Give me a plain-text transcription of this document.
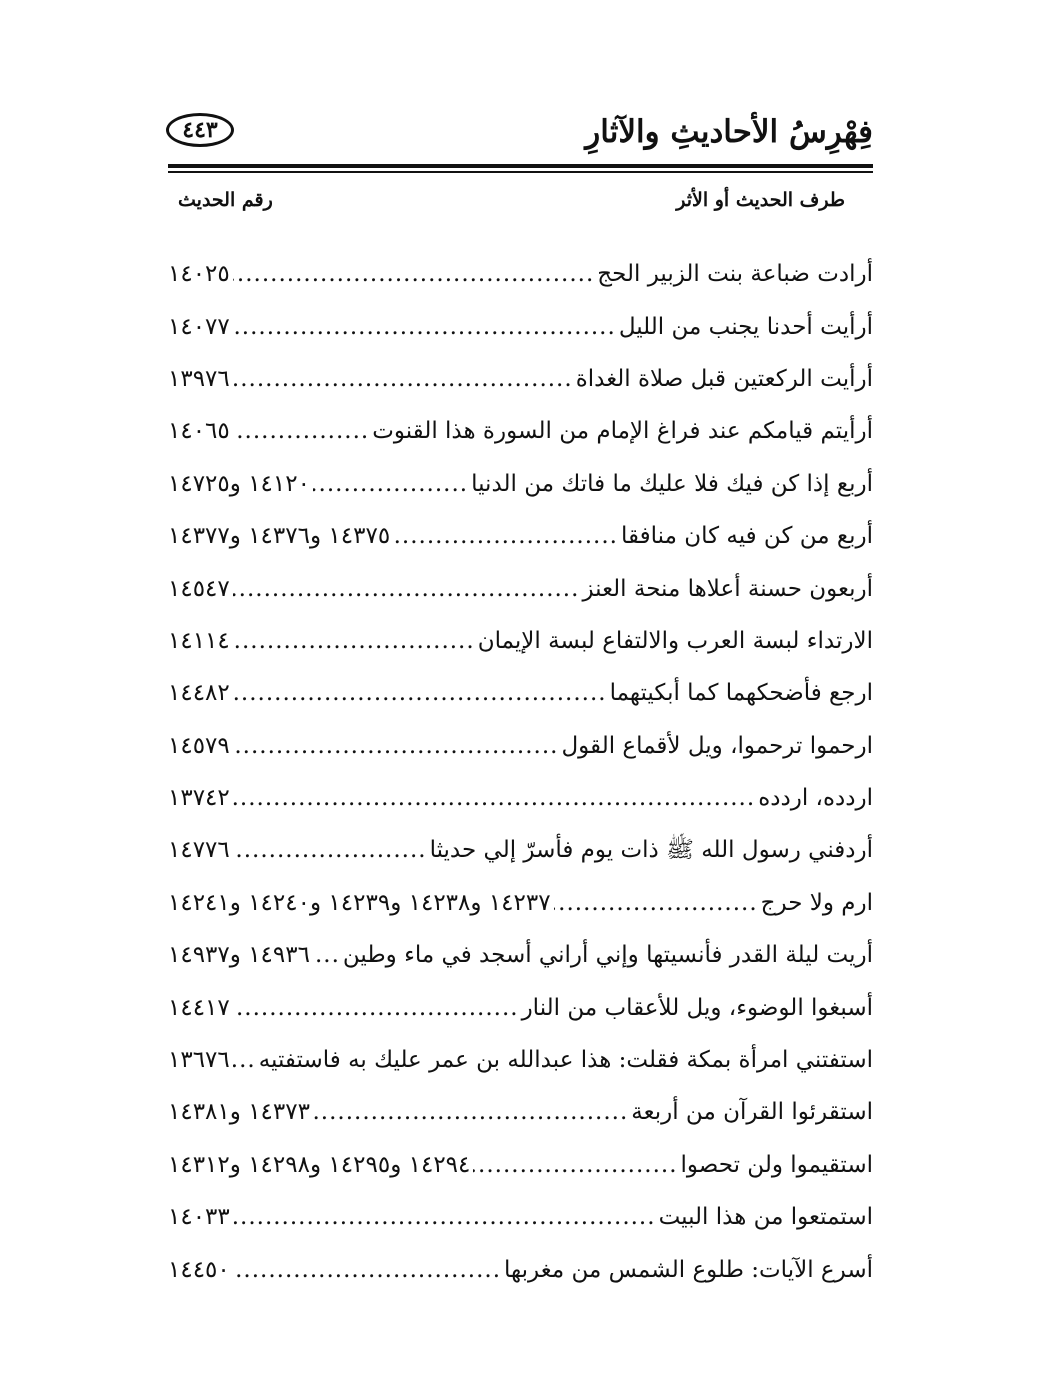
فِهْرِسُ الأحاديثِ والآثارِ
٤٤٣
طرف الحديث أو الأثر
رقم الحديث
أرادت ضباعة بنت الزبير الحج
.....
١٤٠٢٥
أرأيت أحدنا يجنب من الليل
.....
١٤٠٧٧
أرأيت الركعتين قبل صلاة الغداة
.....
١٣٩٧٦
أرأيتم قيامكم عند فراغ الإمام من السورة هذا القنوت
.....
١٤٠٦٥
أربع إذا كن فيك فلا عليك ما فاتك من الدنيا
.....
١٤١٢٠ و١٤٧٢٥
أربع من كن فيه كان منافقا
.....
١٤٣٧٥ و١٤٣٧٦ و١٤٣٧٧
أربعون حسنة أعلاها منحة العنز
.....
١٤٥٤٧
الارتداء لبسة العرب والالتفاع لبسة الإيمان
.....
١٤١١٤
ارجع فأضحكهما كما أبكيتهما
.....
١٤٤٨٢
ارحموا ترحموا، ويل لأقماع القول
.....
١٤٥٧٩
اردده، اردده
.....
١٣٧٤٢
أردفني رسول الله ﷺ ذات يوم فأسرّ إلي حديثا
.....
١٤٧٧٦
ارم ولا حرج
.....
١٤٢٣٧ و١٤٢٣٨ و١٤٢٣٩ و١٤٢٤٠ و١٤٢٤١
أريت ليلة القدر فأنسيتها وإني أراني أسجد في ماء وطين
.....
١٤٩٣٦ و١٤٩٣٧
أسبغوا الوضوء، ويل للأعقاب من النار
.....
١٤٤١٧
استفتني امرأة بمكة فقلت: هذا عبدالله بن عمر عليك به فاستفتيه
.....
١٣٦٧٦
استقرئوا القرآن من أربعة
.....
١٤٣٧٣ و١٤٣٨١
استقيموا ولن تحصوا
.....
١٤٢٩٤ و١٤٢٩٥ و١٤٢٩٨ و١٤٣١٢
استمتعوا من هذا البيت
.....
١٤٠٣٣
أسرع الآيات: طلوع الشمس من مغربها
.....
١٤٤٥٠
